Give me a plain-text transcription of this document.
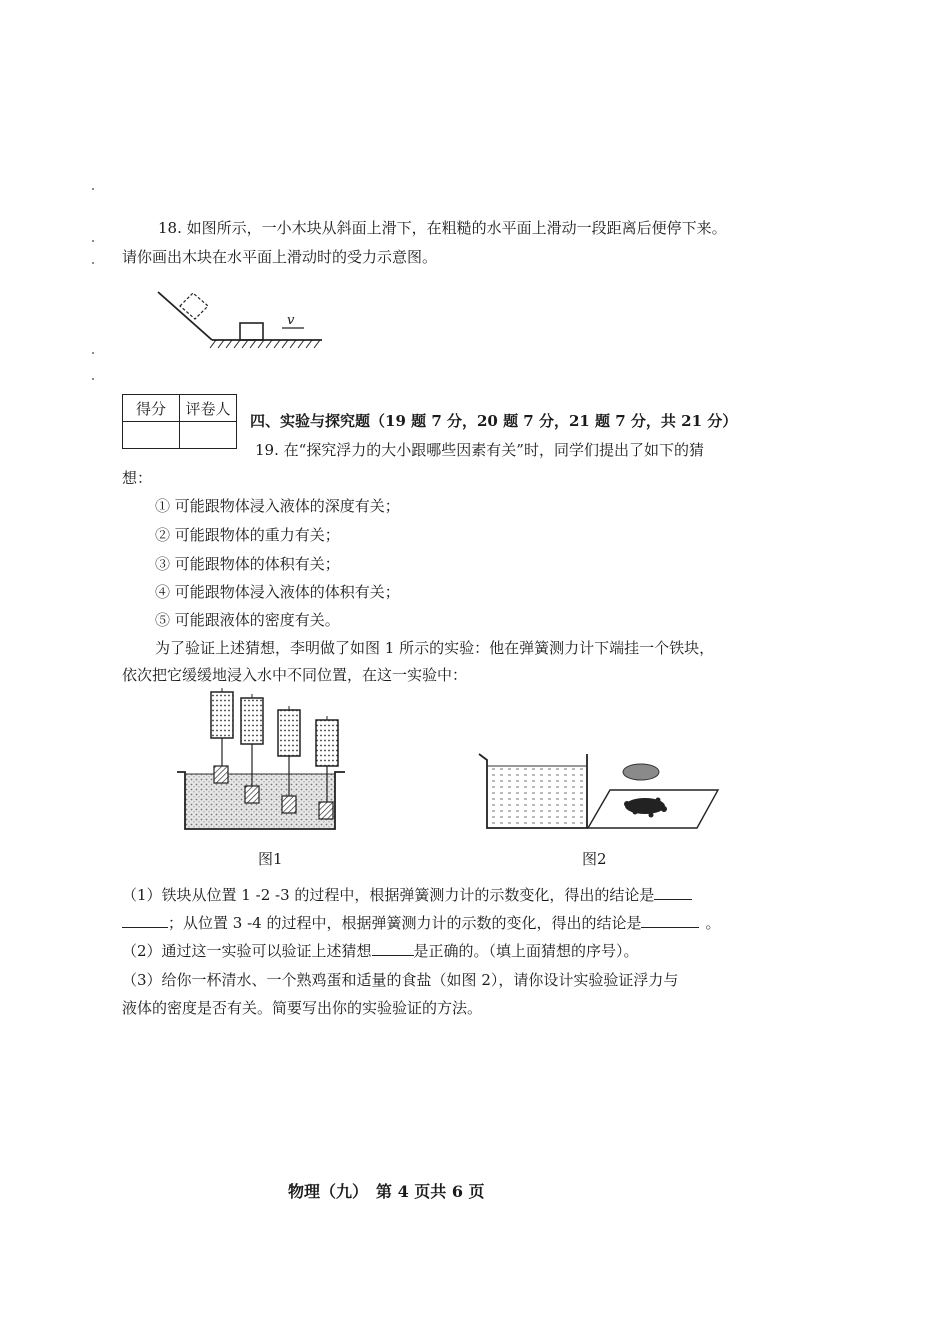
18. 如图所示，一小木块从斜面上滑下，在粗糙的水平面上滑动一段距离后便停下来。
请你画出木块在水平面上滑动时的受力示意图。
v
得分	评卷人

四、实验与探究题（19 题 7 分，20 题 7 分，21 题 7 分，共 21 分）
19. 在“探究浮力的大小跟哪些因素有关”时，同学们提出了如下的猜
想：
① 可能跟物体浸入液体的深度有关；
② 可能跟物体的重力有关；
③ 可能跟物体的体积有关；
④ 可能跟物体浸入液体的体积有关；
⑤ 可能跟液体的密度有关。
为了验证上述猜想，李明做了如图 1 所示的实验：他在弹簧测力计下端挂一个铁块，
依次把它缓缓地浸入水中不同位置，在这一实验中：
图1	图2
（1）铁块从位置 1 -2 -3 的过程中，根据弹簧测力计的示数变化，得出的结论是
；从位置 3 -4 的过程中，根据弹簧测力计的示数的变化，得出的结论是	。
（2）通过这一实验可以验证上述猜想	是正确的。（填上面猜想的序号）。
（3）给你一杯清水、一个熟鸡蛋和适量的食盐（如图 2），请你设计实验验证浮力与
液体的密度是否有关。简要写出你的实验验证的方法。
物理（九）　第 4 页共 6 页
